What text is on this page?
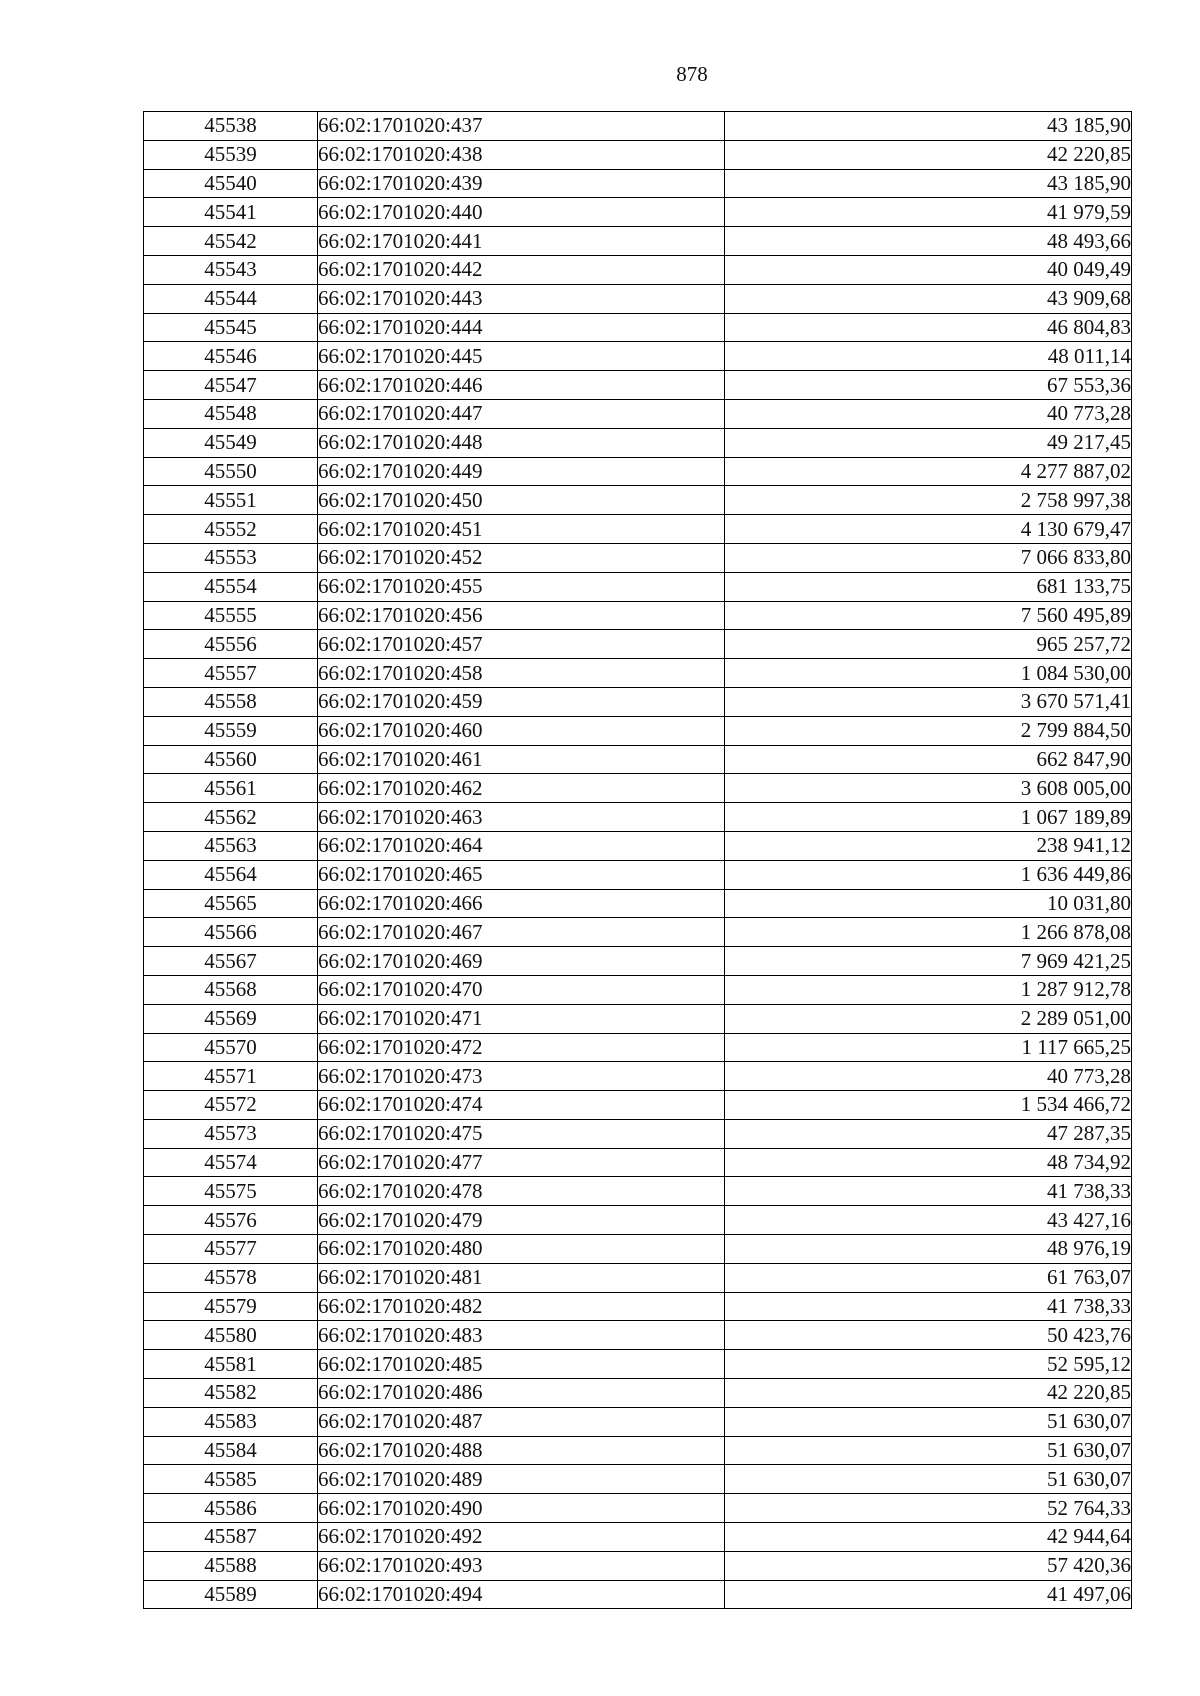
878
45538	66:02:1701020:437	43 185,90
45539	66:02:1701020:438	42 220,85
45540	66:02:1701020:439	43 185,90
45541	66:02:1701020:440	41 979,59
45542	66:02:1701020:441	48 493,66
45543	66:02:1701020:442	40 049,49
45544	66:02:1701020:443	43 909,68
45545	66:02:1701020:444	46 804,83
45546	66:02:1701020:445	48 011,14
45547	66:02:1701020:446	67 553,36
45548	66:02:1701020:447	40 773,28
45549	66:02:1701020:448	49 217,45
45550	66:02:1701020:449	4 277 887,02
45551	66:02:1701020:450	2 758 997,38
45552	66:02:1701020:451	4 130 679,47
45553	66:02:1701020:452	7 066 833,80
45554	66:02:1701020:455	681 133,75
45555	66:02:1701020:456	7 560 495,89
45556	66:02:1701020:457	965 257,72
45557	66:02:1701020:458	1 084 530,00
45558	66:02:1701020:459	3 670 571,41
45559	66:02:1701020:460	2 799 884,50
45560	66:02:1701020:461	662 847,90
45561	66:02:1701020:462	3 608 005,00
45562	66:02:1701020:463	1 067 189,89
45563	66:02:1701020:464	238 941,12
45564	66:02:1701020:465	1 636 449,86
45565	66:02:1701020:466	10 031,80
45566	66:02:1701020:467	1 266 878,08
45567	66:02:1701020:469	7 969 421,25
45568	66:02:1701020:470	1 287 912,78
45569	66:02:1701020:471	2 289 051,00
45570	66:02:1701020:472	1 117 665,25
45571	66:02:1701020:473	40 773,28
45572	66:02:1701020:474	1 534 466,72
45573	66:02:1701020:475	47 287,35
45574	66:02:1701020:477	48 734,92
45575	66:02:1701020:478	41 738,33
45576	66:02:1701020:479	43 427,16
45577	66:02:1701020:480	48 976,19
45578	66:02:1701020:481	61 763,07
45579	66:02:1701020:482	41 738,33
45580	66:02:1701020:483	50 423,76
45581	66:02:1701020:485	52 595,12
45582	66:02:1701020:486	42 220,85
45583	66:02:1701020:487	51 630,07
45584	66:02:1701020:488	51 630,07
45585	66:02:1701020:489	51 630,07
45586	66:02:1701020:490	52 764,33
45587	66:02:1701020:492	42 944,64
45588	66:02:1701020:493	57 420,36
45589	66:02:1701020:494	41 497,06
